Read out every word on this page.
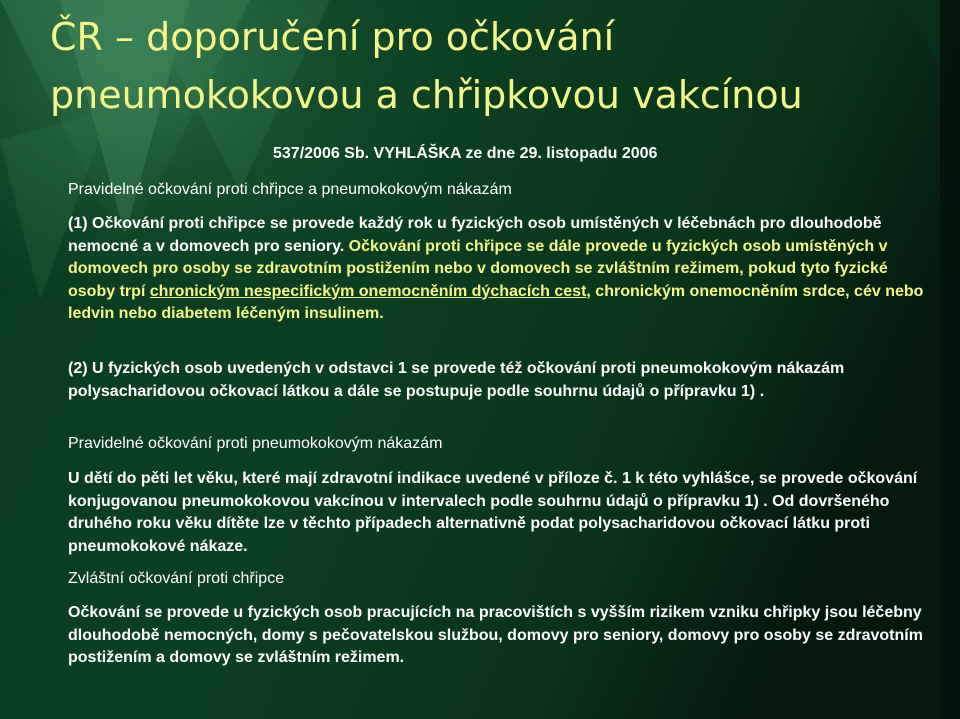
ČR – doporučení pro očkování
pneumokokovou a chřipkovou vakcínou

537/2006 Sb. VYHLÁŠKA ze dne 29. listopadu 2006

Pravidelné očkování proti chřipce a pneumokokovým nákazám

(1) Očkování proti chřipce se provede každý rok u fyzických osob umístěných v léčebnách pro dlouhodobě nemocné a v domovech pro seniory. Očkování proti chřipce se dále provede u fyzických osob umístěných v domovech pro osoby se zdravotním postižením nebo v domovech se zvláštním režimem, pokud tyto fyzické osoby trpí chronickým nespecifickým onemocněním dýchacích cest, chronickým onemocněním srdce, cév nebo ledvin nebo diabetem léčeným insulinem.

(2) U fyzických osob uvedených v odstavci 1 se provede též očkování proti pneumokokovým nákazám polysacharidovou očkovací látkou a dále se postupuje podle souhrnu údajů o přípravku 1) .

Pravidelné očkování proti pneumokokovým nákazám

U dětí do pěti let věku, které mají zdravotní indikace uvedené v příloze č. 1 k této vyhlášce, se provede očkování konjugovanou pneumokokovou vakcínou v intervalech podle souhrnu údajů o přípravku 1) . Od dovršeného druhého roku věku dítěte lze v těchto případech alternativně podat polysacharidovou očkovací látku proti pneumokokové nákaze.

Zvláštní očkování proti chřipce

Očkování se provede u fyzických osob pracujících na pracovištích s vyšším rizikem vzniku chřipky jsou léčebny dlouhodobě nemocných, domy s pečovatelskou službou, domovy pro seniory, domovy pro osoby se zdravotním postižením a domovy se zvláštním režimem.
